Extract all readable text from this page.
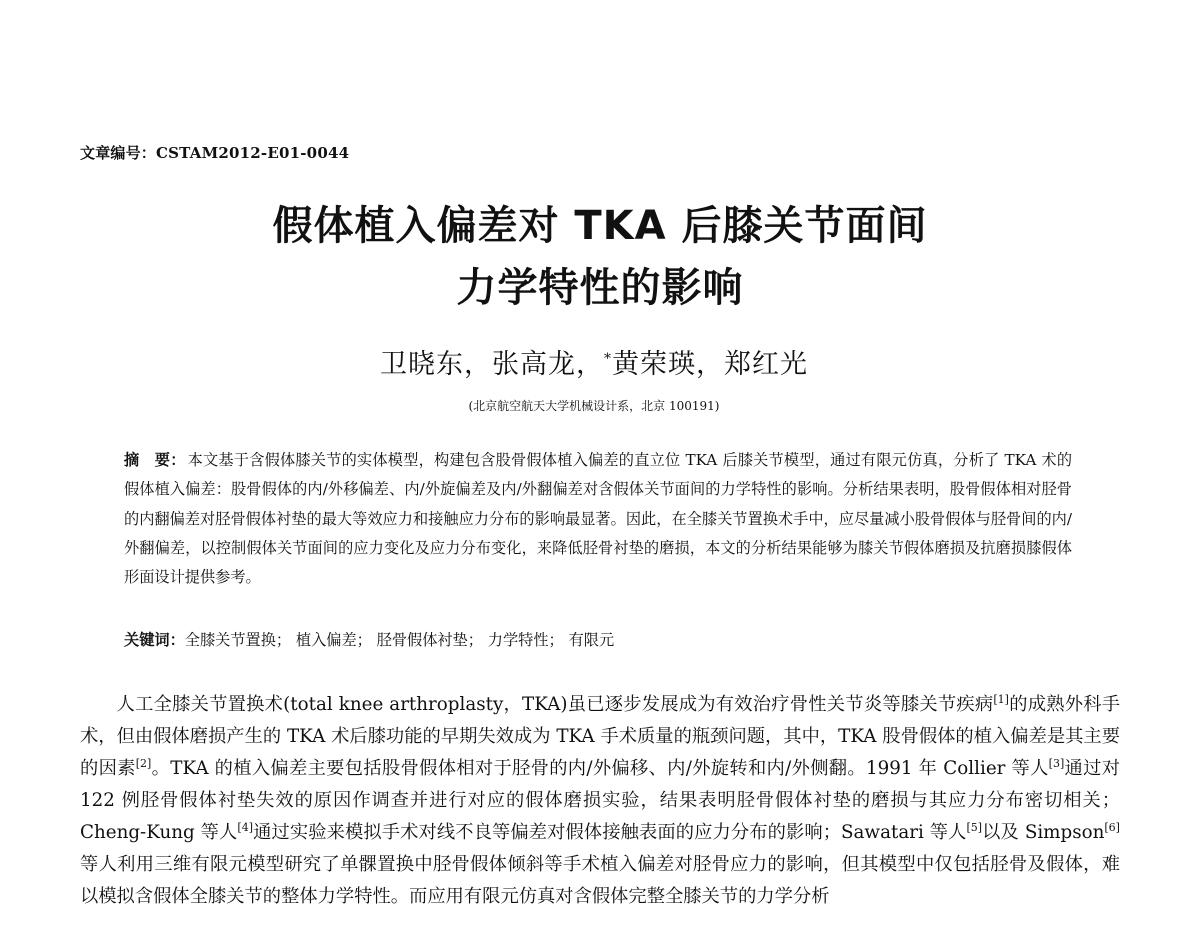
文章编号：CSTAM2012-E01-0044
假体植入偏差对 TKA 后膝关节面间
力学特性的影响
卫晓东，张高龙，*黄荣瑛，郑红光
(北京航空航天大学机械设计系，北京 100191)
摘　要： 本文基于含假体膝关节的实体模型，构建包含股骨假体植入偏差的直立位 TKA 后膝关节模型，通过有限元仿真，分析了 TKA 术的假体植入偏差：股骨假体的内/外移偏差、内/外旋偏差及内/外翻偏差对含假体关节面间的力学特性的影响。分析结果表明，股骨假体相对胫骨的内翻偏差对胫骨假体衬垫的最大等效应力和接触应力分布的影响最显著。因此，在全膝关节置换术手中，应尽量减小股骨假体与胫骨间的内/外翻偏差，以控制假体关节面间的应力变化及应力分布变化，来降低胫骨衬垫的磨损，本文的分析结果能够为膝关节假体磨损及抗磨损膝假体形面设计提供参考。
关键词：全膝关节置换 ； 植入偏差 ； 胫骨假体衬垫 ； 力学特性 ； 有限元
人工全膝关节置换术(total knee arthroplasty，TKA)虽已逐步发展成为有效治疗骨性关节炎等膝关节疾病[1]的成熟外科手术，但由假体磨损产生的 TKA 术后膝功能的早期失效成为 TKA 手术质量的瓶颈问题，其中，TKA 股骨假体的植入偏差是其主要的因素[2]。TKA 的植入偏差主要包括股骨假体相对于胫骨的内/外偏移、内/外旋转和内/外侧翻。1991 年 Collier 等人[3]通过对 122 例胫骨假体衬垫失效的原因作调查并进行对应的假体磨损实验，结果表明胫骨假体衬垫的磨损与其应力分布密切相关；Cheng-Kung 等人[4]通过实验来模拟手术对线不良等偏差对假体接触表面的应力分布的影响；Sawatari 等人[5]以及 Simpson[6]等人利用三维有限元模型研究了单髁置换中胫骨假体倾斜等手术植入偏差对胫骨应力的影响，但其模型中仅包括胫骨及假体，难以模拟含假体全膝关节的整体力学特性。而应用有限元仿真对含假体完整全膝关节的力学分析
